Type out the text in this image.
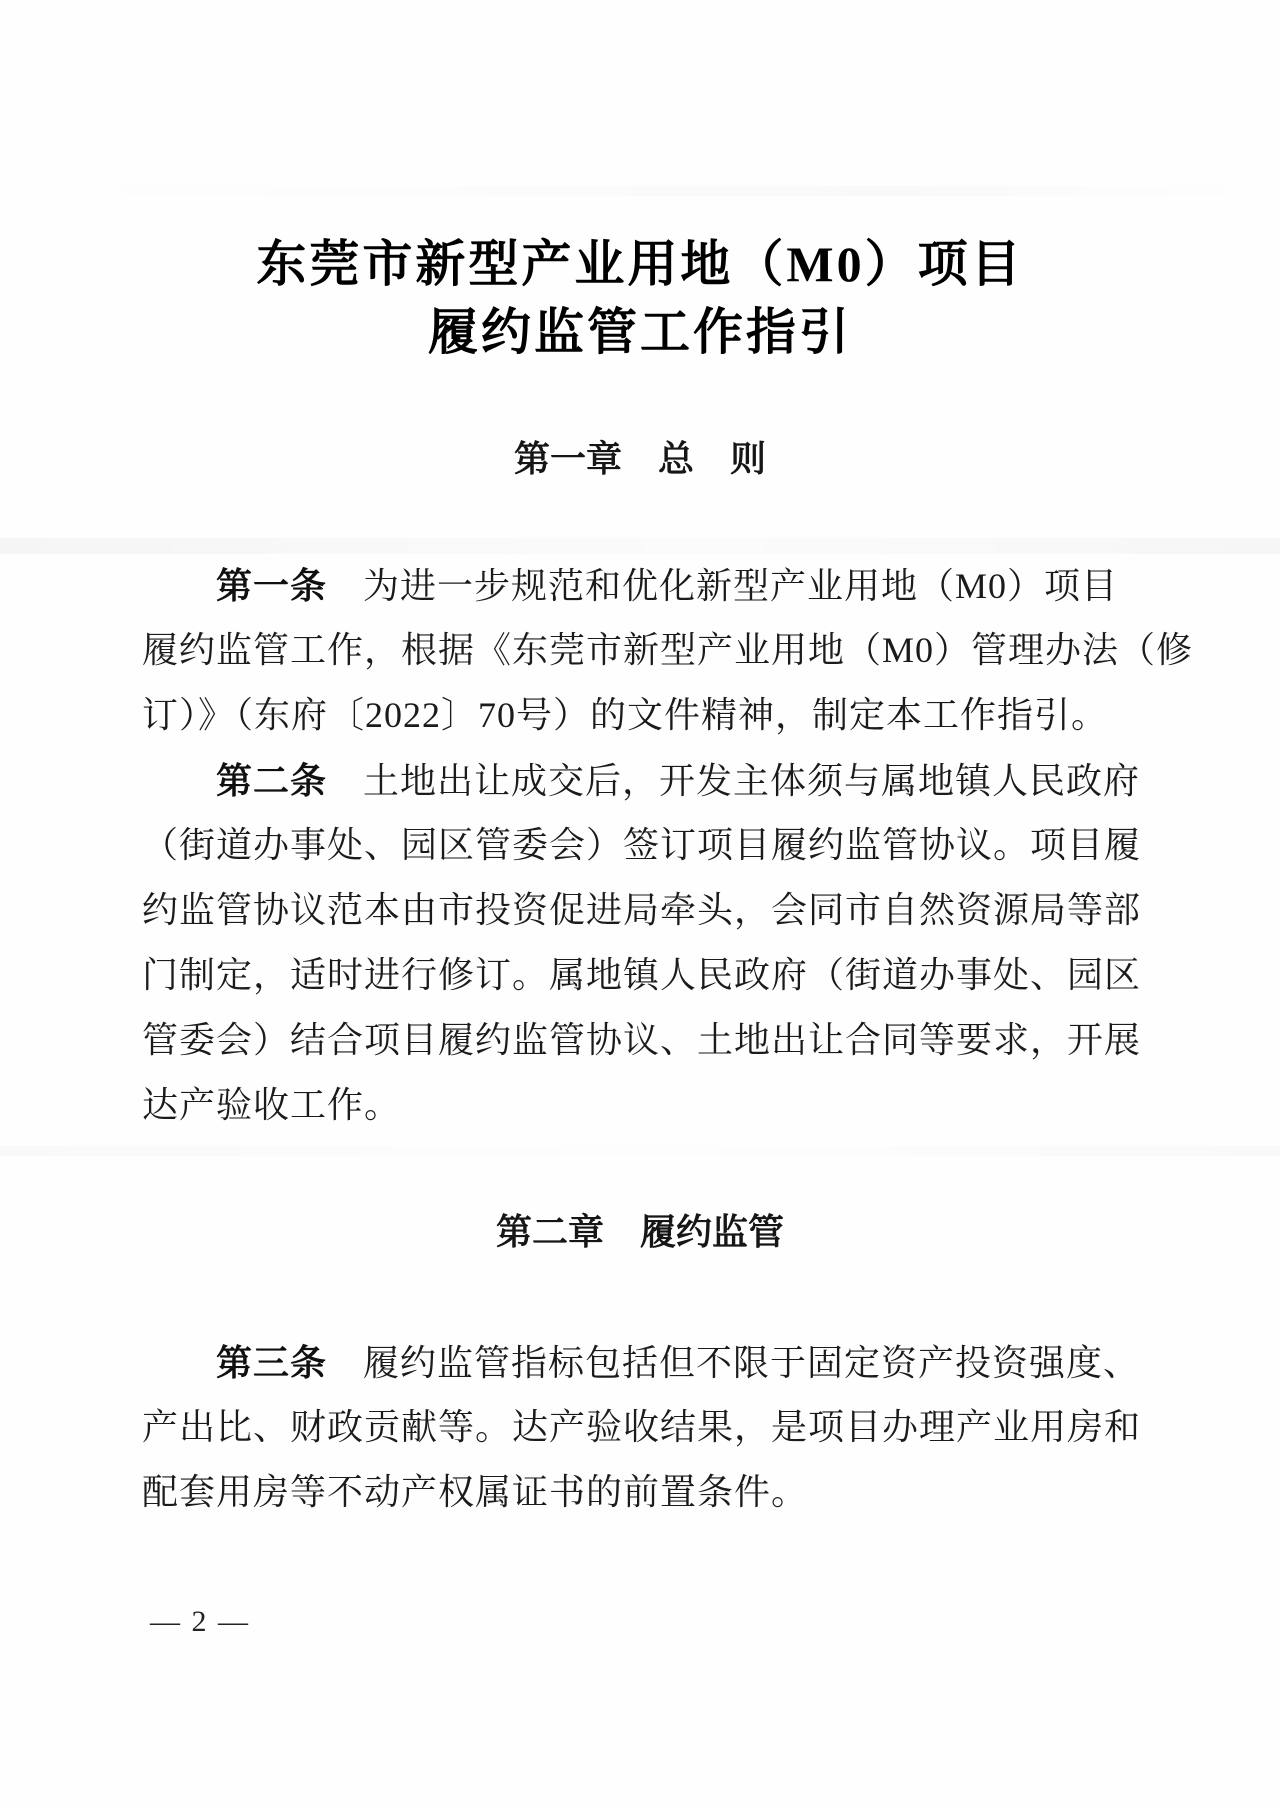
东莞市新型产业用地（M0）项目
履约监管工作指引
第一章　总　则
第一条 为进一步规范和优化新型产业用地（M0）项目
履约监管工作，根据《东莞市新型产业用地（M0）管理办法（修
订）》（东府〔2022〕70号）的文件精神，制定本工作指引。
第二条 土地出让成交后，开发主体须与属地镇人民政府
（街道办事处、园区管委会）签订项目履约监管协议。项目履
约监管协议范本由市投资促进局牵头，会同市自然资源局等部
门制定，适时进行修订。属地镇人民政府（街道办事处、园区
管委会）结合项目履约监管协议、土地出让合同等要求，开展
达产验收工作。
第二章　履约监管
第三条 履约监管指标包括但不限于固定资产投资强度、
产出比、财政贡献等。达产验收结果，是项目办理产业用房和
配套用房等不动产权属证书的前置条件。
— 2 —
